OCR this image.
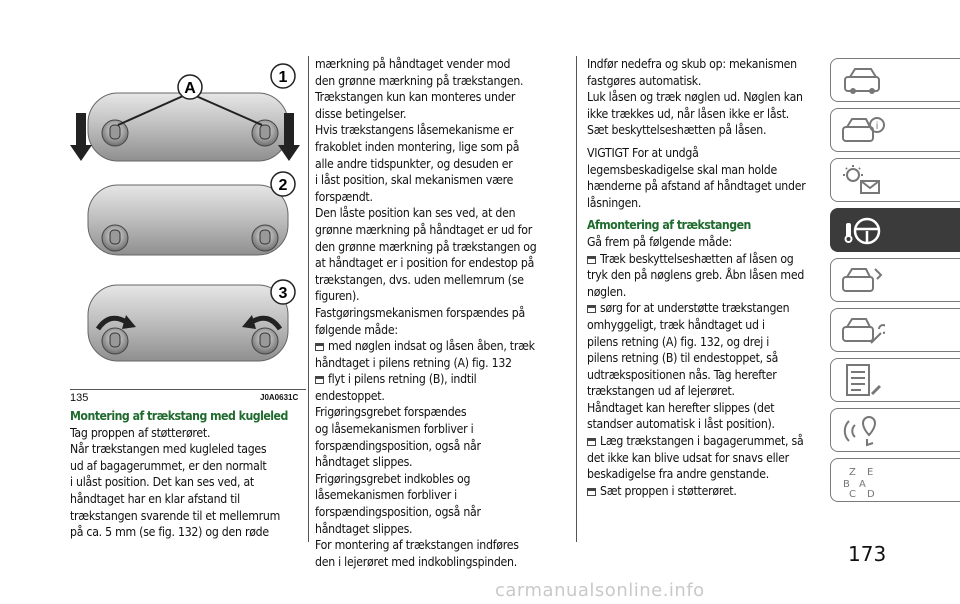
A
1
2
3
135	J0A0631C

Montering af trækstang med kugleled

Tag proppen af støtterøret.

Når trækstangen med kugleled tages

ud af bagagerummet, er den normalt

i ulåst position. Det kan ses ved, at

håndtaget har en klar afstand til

trækstangen svarende til et mellemrum

på ca. 5 mm (se fig. 132) og den røde

mærkning på håndtaget vender mod

den grønne mærkning på trækstangen.

Trækstangen kun kan monteres under

disse betingelser.

Hvis trækstangens låsemekanisme er

frakoblet inden montering, lige som på

alle andre tidspunkter, og desuden er

i låst position, skal mekanismen være

forspændt.

Den låste position kan ses ved, at den

grønne mærkning på håndtaget er ud for

den grønne mærkning på trækstangen og

at håndtaget er i position for endestop på

trækstangen, dvs. uden mellemrum (se

figuren).

Fastgøringsmekanismen forspændes på

følgende måde:

med nøglen indsat og låsen åben, træk

håndtaget i pilens retning (A) fig. 132

flyt i pilens retning (B), indtil

endestoppet.

Frigøringsgrebet forspændes

og låsemekanismen forbliver i

forspændingsposition, også når

håndtaget slippes.

Frigøringsgrebet indkobles og

låsemekanismen forbliver i

forspændingsposition, også når

håndtaget slippes.

For montering af trækstangen indføres

den i lejerøret med indkoblingspinden.

Indfør nedefra og skub op: mekanismen

fastgøres automatisk.

Luk låsen og træk nøglen ud. Nøglen kan

ikke trækkes ud, når låsen ikke er låst.

Sæt beskyttelseshætten på låsen.

VIGTIGT For at undgå

legemsbeskadigelse skal man holde

hænderne på afstand af håndtaget under

låsningen.

Afmontering af trækstangen

Gå frem på følgende måde:

Træk beskyttelseshætten af låsen og

tryk den på nøglens greb. Åbn låsen med

nøglen.

sørg for at understøtte trækstangen

omhyggeligt, træk håndtaget ud i

pilens retning (A) fig. 132, og drej i

pilens retning (B) til endestoppet, så

udtrækspositionen nås. Tag herefter

trækstangen ud af lejerøret.

Håndtaget kan herefter slippes (det

standser automatisk i låst position).

Læg trækstangen i bagagerummet, så

det ikke kan blive udsat for snavs eller

beskadigelse fra andre genstande.

Sæt proppen i støtterøret.

i
Z E
B A
C D
173
carmanualsonline.info
